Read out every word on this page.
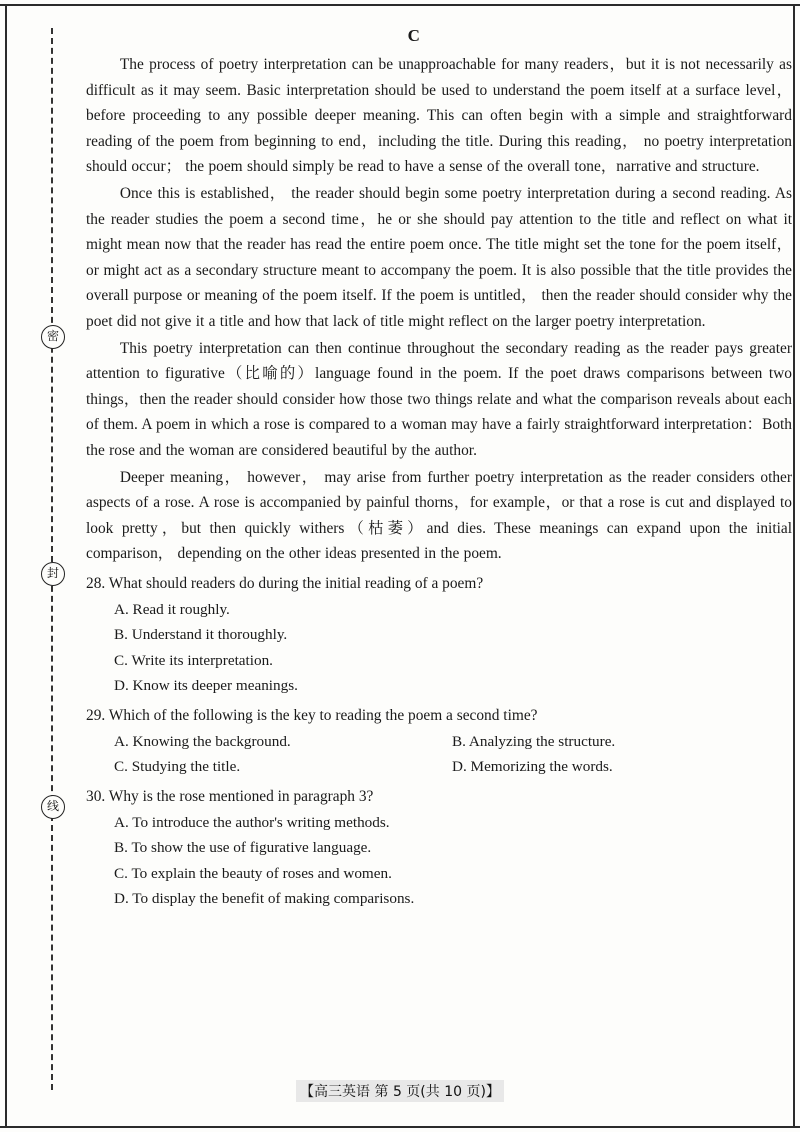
密
封
线
C

The process of poetry interpretation can be unapproachable for many readers，but it is not necessarily as difficult as it may seem. Basic interpretation should be used to understand the poem itself at a surface level，before proceeding to any possible deeper meaning. This can often begin with a simple and straightforward reading of the poem from beginning to end，including the title. During this reading， no poetry interpretation should occur； the poem should simply be read to have a sense of the overall tone，narrative and structure.

Once this is established， the reader should begin some poetry interpretation during a second reading. As the reader studies the poem a second time，he or she should pay attention to the title and reflect on what it might mean now that the reader has read the entire poem once. The title might set the tone for the poem itself，or might act as a secondary structure meant to accompany the poem. It is also possible that the title provides the overall purpose or meaning of the poem itself. If the poem is untitled， then the reader should consider why the poet did not give it a title and how that lack of title might reflect on the larger poetry interpretation.

This poetry interpretation can then continue throughout the secondary reading as the reader pays greater attention to figurative（比喻的）language found in the poem. If the poet draws comparisons between two things，then the reader should consider how those two things relate and what the comparison reveals about each of them. A poem in which a rose is compared to a woman may have a fairly straightforward interpretation：Both the rose and the woman are considered beautiful by the author.

Deeper meaning， however， may arise from further poetry interpretation as the reader considers other aspects of a rose. A rose is accompanied by painful thorns，for example，or that a rose is cut and displayed to look pretty，but then quickly withers（枯萎）and dies. These meanings can expand upon the initial comparison， depending on the other ideas presented in the poem.

28. What should readers do during the initial reading of a poem?

A. Read it roughly.
B. Understand it thoroughly.
C. Write its interpretation.
D. Know its deeper meanings.

29. Which of the following is the key to reading the poem a second time?

A. Knowing the background.	B. Analyzing the structure.
C. Studying the title.	D. Memorizing the words.

30. Why is the rose mentioned in paragraph 3?

A. To introduce the author's writing methods.
B. To show the use of figurative language.
C. To explain the beauty of roses and women.
D. To display the benefit of making comparisons.
【高三英语 第 5 页(共 10 页)】
